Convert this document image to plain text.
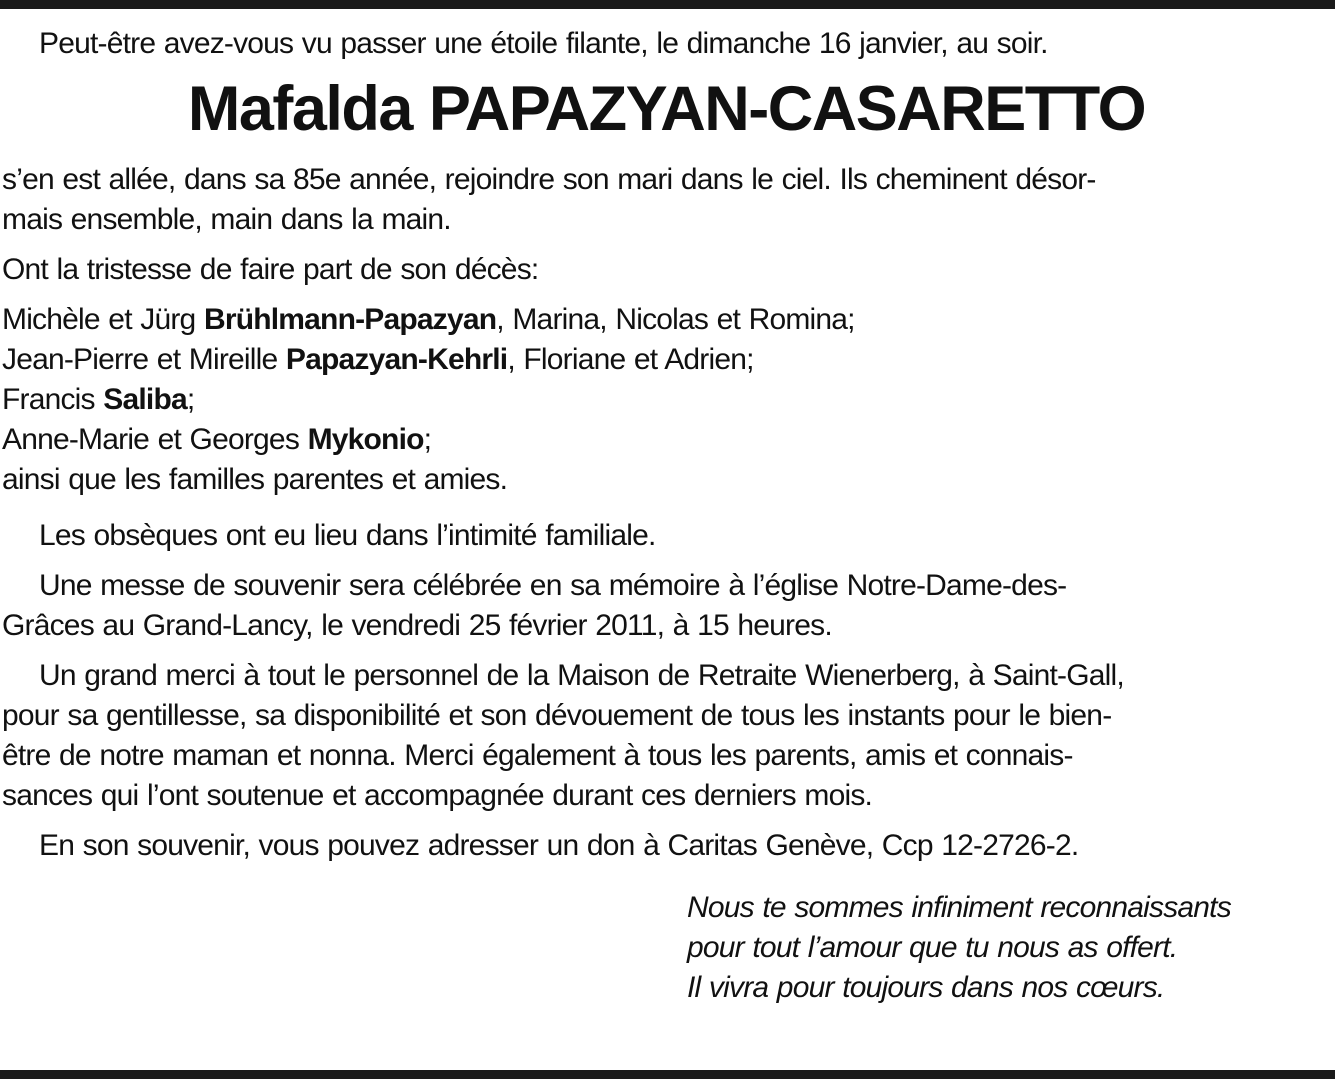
Peut-être avez-vous vu passer une étoile filante, le dimanche 16 janvier, au soir.

Mafalda PAPAZYAN-CASARETTO

s’en est allée, dans sa 85e année, rejoindre son mari dans le ciel. Ils cheminent désor-
mais ensemble, main dans la main.

Ont la tristesse de faire part de son décès:

Michèle et Jürg Brühlmann-Papazyan, Marina, Nicolas et Romina;
Jean-Pierre et Mireille Papazyan-Kehrli, Floriane et Adrien;
Francis Saliba;
Anne-Marie et Georges Mykonio;
ainsi que les familles parentes et amies.

Les obsèques ont eu lieu dans l’intimité familiale.

Une messe de souvenir sera célébrée en sa mémoire à l’église Notre-Dame-des-
Grâces au Grand-Lancy, le vendredi 25 février 2011, à 15 heures.

Un grand merci à tout le personnel de la Maison de Retraite Wienerberg, à Saint-Gall,
pour sa gentillesse, sa disponibilité et son dévouement de tous les instants pour le bien-
être de notre maman et nonna. Merci également à tous les parents, amis et connais-
sances qui l’ont soutenue et accompagnée durant ces derniers mois.

En son souvenir, vous pouvez adresser un don à Caritas Genève, Ccp 12-2726-2.

Nous te sommes infiniment reconnaissants
pour tout l’amour que tu nous as offert.
Il vivra pour toujours dans nos cœurs.
